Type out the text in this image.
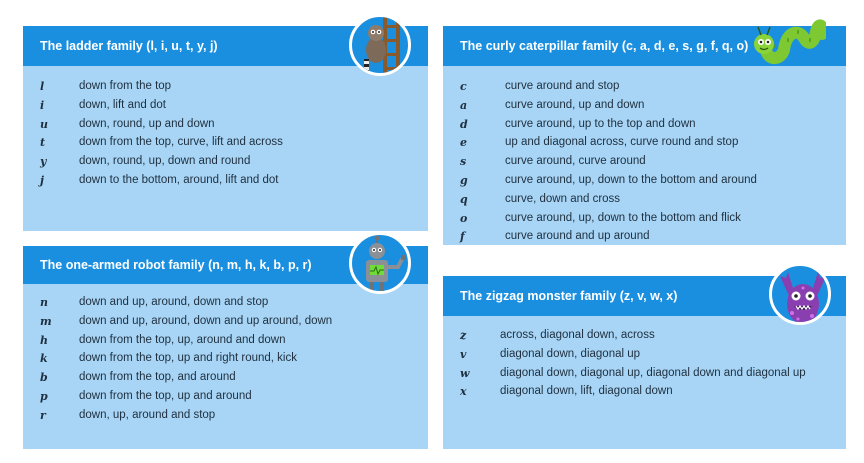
The ladder family (l, i, u, t, y, j)
l	down from the top
i	down, lift and dot
u	down, round, up and down
t	down from the top, curve, lift and across
y	down, round, up, down and round
j	down to the bottom, around, lift and dot
The one-armed robot family (n, m, h, k, b, p, r)
n	down and up, around, down and stop
m	down and up, around, down and up around, down
h	down from the top, up, around and down
k	down from the top, up and right round, kick
b	down from the top, and around
p	down from the top, up and around
r	down, up, around and stop
The curly caterpillar family (c, a, d, e, s, g, f, q, o)
c	curve around and stop
a	curve around, up and down
d	curve around, up to the top and down
e	up and diagonal across, curve round and stop
s	curve around, curve around
g	curve around, up, down to the bottom and around
q	curve, down and cross
o	curve around, up, down to the bottom and flick
f	curve around and up around
The zigzag monster family (z, v, w, x)
z	across, diagonal down, across
v	diagonal down, diagonal up
w	diagonal down, diagonal up, diagonal down and diagonal up
x	diagonal down, lift, diagonal down
